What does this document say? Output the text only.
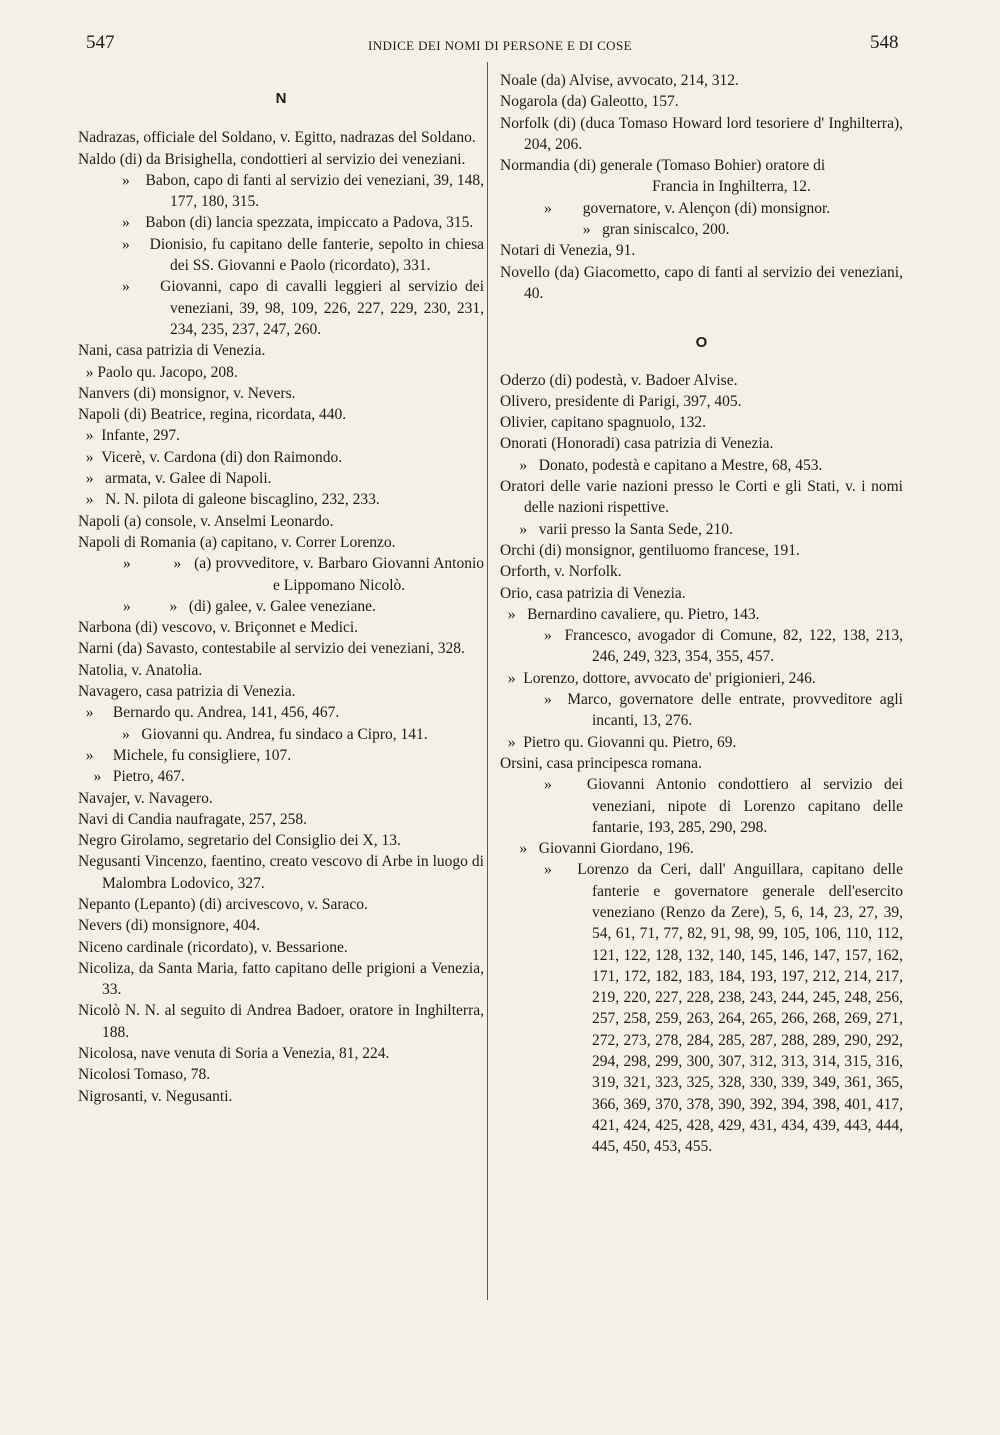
547	INDICE DEI NOMI DI PERSONE E DI COSE	548
N
Nadrazas, officiale del Soldano, v. Egitto, nadrazas del Soldano.
Naldo (di) da Brisighella, condottieri al servizio dei veneziani.
»    Babon, capo di fanti al servizio dei veneziani, 39, 148, 177, 180, 315.
»    Babon (di) lancia spezzata, impiccato a Padova, 315.
»    Dionisio, fu capitano delle fanterie, sepolto in chiesa dei SS. Giovanni e Paolo (ricordato), 331.
»    Giovanni, capo di cavalli leggieri al servizio dei veneziani, 39, 98, 109, 226, 227, 229, 230, 231, 234, 235, 237, 247, 260.
Nani, casa patrizia di Venezia.
» Paolo qu. Jacopo, 208.
Nanvers (di) monsignor, v. Nevers.
Napoli (di) Beatrice, regina, ricordata, 440.
»  Infante, 297.
»  Vicerè, v. Cardona (di) don Raimondo.
»   armata, v. Galee di Napoli.
»   N. N. pilota di galeone biscaglino, 232, 233.
Napoli (a) console, v. Anselmi Leonardo.
Napoli di Romania (a) capitano, v. Correr Lorenzo.
»          »   (a) provveditore, v. Barbaro Giovanni Antonio e Lippomano Nicolò.
»          »   (di) galee, v. Galee veneziane.
Narbona (di) vescovo, v. Briçonnet e Medici.
Narni (da) Savasto, contestabile al servizio dei veneziani, 328.
Natolia, v. Anatolia.
Navagero, casa patrizia di Venezia.
»     Bernardo qu. Andrea, 141, 456, 467.
»   Giovanni qu. Andrea, fu sindaco a Cipro, 141.
»     Michele, fu consigliere, 107.
»   Pietro, 467.
Navajer, v. Navagero.
Navi di Candia naufragate, 257, 258.
Negro Girolamo, segretario del Consiglio dei X, 13.
Negusanti Vincenzo, faentino, creato vescovo di Arbe in luogo di Malombra Lodovico, 327.
Nepanto (Lepanto) (di) arcivescovo, v. Saraco.
Nevers (di) monsignore, 404.
Niceno cardinale (ricordato), v. Bessarione.
Nicoliza, da Santa Maria, fatto capitano delle prigioni a Venezia, 33.
Nicolò N. N. al seguito di Andrea Badoer, oratore in Inghilterra, 188.
Nicolosa, nave venuta di Soria a Venezia, 81, 224.
Nicolosi Tomaso, 78.
Nigrosanti, v. Negusanti.
Noale (da) Alvise, avvocato, 214, 312.
Nogarola (da) Galeotto, 157.
Norfolk (di) (duca Tomaso Howard lord tesoriere d' Inghilterra), 204, 206.
Normandia (di) generale (Tomaso Bohier) oratore di
Francia in Inghilterra, 12.
»        governatore, v. Alençon (di) monsignor.
»   gran siniscalco, 200.
Notari di Venezia, 91.
Novello (da) Giacometto, capo di fanti al servizio dei veneziani, 40.
O
Oderzo (di) podestà, v. Badoer Alvise.
Olivero, presidente di Parigi, 397, 405.
Olivier, capitano spagnuolo, 132.
Onorati (Honoradi) casa patrizia di Venezia.
»   Donato, podestà e capitano a Mestre, 68, 453.
Oratori delle varie nazioni presso le Corti e gli Stati, v. i nomi delle nazioni rispettive.
»   varii presso la Santa Sede, 210.
Orchi (di) monsignor, gentiluomo francese, 191.
Orforth, v. Norfolk.
Orio, casa patrizia di Venezia.
»   Bernardino cavaliere, qu. Pietro, 143.
»  Francesco, avogador di Comune, 82, 122, 138, 213, 246, 249, 323, 354, 355, 457.
»  Lorenzo, dottore, avvocato de' prigionieri, 246.
»  Marco, governatore delle entrate, provveditore agli incanti, 13, 276.
»  Pietro qu. Giovanni qu. Pietro, 69.
Orsini, casa principesca romana.
»   Giovanni Antonio condottiero al servizio dei veneziani, nipote di Lorenzo capitano delle fantarie, 193, 285, 290, 298.
»   Giovanni Giordano, 196.
»   Lorenzo da Ceri, dall' Anguillara, capitano delle fanterie e governatore generale dell'esercito veneziano (Renzo da Zere), 5, 6, 14, 23, 27, 39, 54, 61, 71, 77, 82, 91, 98, 99, 105, 106, 110, 112, 121, 122, 128, 132, 140, 145, 146, 147, 157, 162, 171, 172, 182, 183, 184, 193, 197, 212, 214, 217, 219, 220, 227, 228, 238, 243, 244, 245, 248, 256, 257, 258, 259, 263, 264, 265, 266, 268, 269, 271, 272, 273, 278, 284, 285, 287, 288, 289, 290, 292, 294, 298, 299, 300, 307, 312, 313, 314, 315, 316, 319, 321, 323, 325, 328, 330, 339, 349, 361, 365, 366, 369, 370, 378, 390, 392, 394, 398, 401, 417, 421, 424, 425, 428, 429, 431, 434, 439, 443, 444, 445, 450, 453, 455.
